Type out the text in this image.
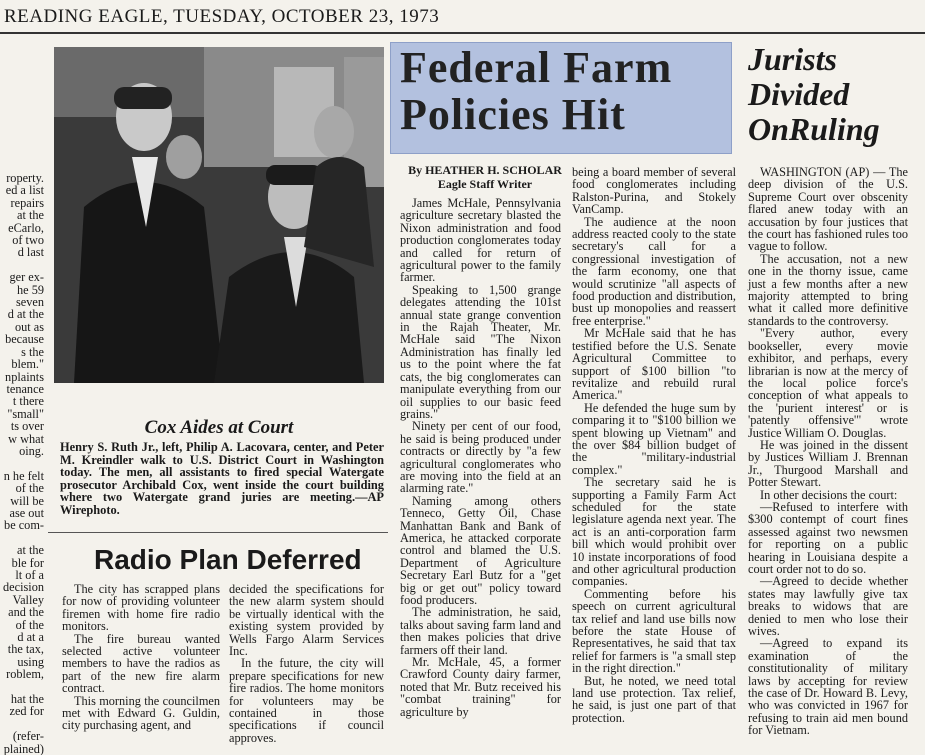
READING EAGLE, TUESDAY, OCTOBER 23, 1973
roperty.
ed a list
repairs
at the
eCarlo,
of two
d last

ger ex-
he 59
seven
d at the
out as
because
s the
blem."
nplaints
tenance
t there
"small"
ts over
w what
oing.

n he felt
of the
will be
ase out
be com-

at the
ble for
lt of a
decision
Valley
and the
of the
d at a
the tax,
using
roblem,

hat the
zed for

(refer-
plained)
Cox Aides at Court
Henry S. Ruth Jr., left, Philip A. Lacovara, center, and Peter M. Kreindler walk to U.S. District Court in Washington today. The men, all assistants to fired special Watergate prosecutor Archibald Cox, went inside the court building where two Watergate grand juries are meeting.—AP Wirephoto.
Radio Plan Deferred

The city has scrapped plans for now of providing volunteer firemen with home fire radio monitors.

The fire bureau wanted selected active volunteer members to have the radios as part of the new fire alarm contract.

This morning the councilmen met with Edward G. Guldin, city purchasing agent, and

decided the specifications for the new alarm system should be virtually identical with the existing system provided by Wells Fargo Alarm Services Inc.

In the future, the city will prepare specifications for new fire radios. The home monitors for volunteers may be contained in those specifications if council approves.

Federal Farm Policies Hit
By HEATHER H. SCHOLAR
Eagle Staff Writer

James McHale, Pennsylvania agriculture secretary blasted the Nixon administration and food production conglomerates today and called for return of agricultural power to the family farmer.

Speaking to 1,500 grange delegates attending the 101st annual state grange convention in the Rajah Theater, Mr. McHale said "The Nixon Administration has finally led us to the point where the fat cats, the big conglomerates can manipulate everything from our oil supplies to our basic feed grains."

Ninety per cent of our food, he said is being produced under contracts or directly by "a few agricultural conglomerates who are moving into the field at an alarming rate."

Naming among others Tenneco, Getty Oil, Chase Manhattan Bank and Bank of America, he attacked corporate control and blamed the U.S. Department of Agriculture Secretary Earl Butz for a "get big or get out" policy toward food producers.

The administration, he said, talks about saving farm land and then makes policies that drive farmers off their land.

Mr. McHale, 45, a former Crawford County dairy farmer, noted that Mr. Butz received his "combat training" for agriculture by

being a board member of several food conglomerates including Ralston-Purina, and Stokely VanCamp.

The audience at the noon address reacted cooly to the state secretary's call for a congressional investigation of the farm economy, one that would scrutinize "all aspects of food production and distribution, bust up monopolies and reassert free enterprise."

Mr McHale said that he has testified before the U.S. Senate Agricultural Committee to support of $100 billion "to revitalize and rebuild rural America."

He defended the huge sum by comparing it to "$100 billion we spent blowing up Vietnam" and the over $84 billion budget of the "military-industrial complex."

The secretary said he is supporting a Family Farm Act scheduled for the state legislature agenda next year. The act is an anti-corporation farm bill which would prohibit over 10 instate incorporations of food and other agricultural production companies.

Commenting before his speech on current agricultural tax relief and land use bills now before the state House of Representatives, he said that tax relief for farmers is "a small step in the right direction."

But, he noted, we need total land use protection. Tax relief, he said, is just one part of that protection.

Jurists Divided OnRuling

WASHINGTON (AP) — The deep division of the U.S. Supreme Court over obscenity flared anew today with an accusation by four justices that the court has fashioned rules too vague to follow.

The accusation, not a new one in the thorny issue, came just a few months after a new majority attempted to bring what it called more definitive standards to the controversy.

"Every author, every bookseller, every movie exhibitor, and perhaps, every librarian is now at the mercy of the local police force's conception of what appeals to the 'purient interest' or is 'patently offensive'" wrote Justice William O. Douglas.

He was joined in the dissent by Justices William J. Brennan Jr., Thurgood Marshall and Potter Stewart.

In other decisions the court:

—Refused to interfere with $300 contempt of court fines assessed against two newsmen for reporting on a public hearing in Louisiana despite a court order not to do so.

—Agreed to decide whether states may lawfully give tax breaks to widows that are denied to men who lose their wives.

—Agreed to expand its examination of the constitutionality of military laws by accepting for review the case of Dr. Howard B. Levy, who was convicted in 1967 for refusing to train aid men bound for Vietnam.
